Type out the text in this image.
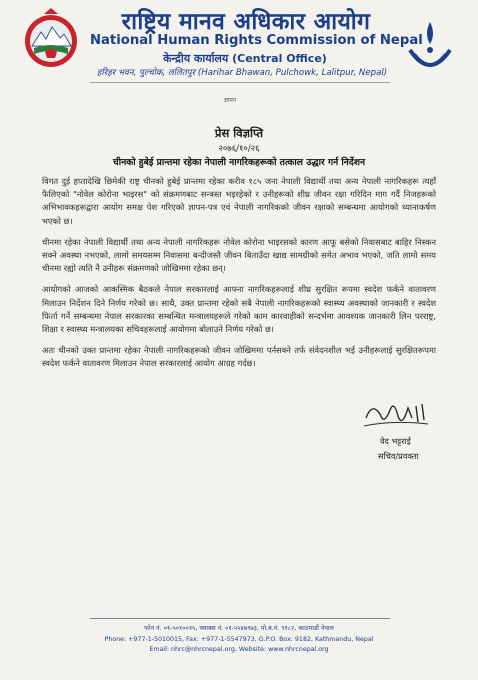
राष्ट्रिय मानव अधिकार आयोग
National Human Rights Commission of Nepal
केन्द्रीय कार्यालय (Central Office)
हरिहर भवन, पुल्चोक, ललितपुर (Harihar Bhawan, Pulchowk, Lalitpur, Nepal)
ज्ञापन
प्रेस विज्ञप्ति
२०७६/१०/२६
चीनको हुबेई प्रान्तमा रहेका नेपाली नागरिकहरूको तत्काल उद्धार गर्न निर्देशन

विगत दुई हप्तादेखि छिमेकी राष्ट्र चीनको हुबेई प्रान्तमा रहेका करीव १८५ जना नेपाली विद्यार्थी तथा अन्य नेपाली नागरिकहरू त्यहाँ फैलिएको "नोवेल कोरोना भाइरस" को संक्रमणबाट सन्त्रस्त भइरहेको र उनीहरूको शीघ्र जीवन रक्षा गरिदिन माग गर्दै निजहरूको अभिभावकहरूद्वारा आयोग समक्ष पेश गरिएको ज्ञापन-पत्र एवं नेपाली नागरिकको जीवन रक्षाको सम्बन्धमा आयोगको ध्यानाकर्षण भएको छ।

चीनमा रहेका नेपाली विद्यार्थी तथा अन्य नेपाली नागरिकहरू नोवेल कोरोना भाइरसको कारण आफू बसेको निवासबाट बाहिर निस्कन सक्ने अवस्था नभएको, लामो समयसम्म निवासमा बन्दीजस्तै जीवन बिताउँदा खाद्य सामग्रीको समेत अभाव भएको, जति लामो समय चीनमा रह्यो त्यति नै उनीहरू संक्रमणको जोखिममा रहेका छन्।

आयोगको आजको आकस्मिक बैठकले नेपाल सरकारलाई आफ्ना नागरिकहरूलाई शीघ्र सुरक्षित रूपमा स्वदेश फर्कने वातावरण मिलाउन निर्देशन दिने निर्णय गरेको छ। साथै, उक्त प्रान्तमा रहेको सबै नेपाली नागरिकहरूको स्वास्थ्य अवस्थाको जानकारी र स्वदेश फिर्ता गर्ने सम्बन्धमा नेपाल सरकारका सम्बन्धित मन्त्रालयहरूले गरेको काम कारवाहीको सन्दर्भमा आवश्यक जानकारी लिन परराष्ट्र, शिक्षा र स्वास्थ्य मन्त्रालयका सचिवहरूलाई आयोगमा बोलाउने निर्णय गरेको छ।

अतः चीनको उक्त प्रान्तमा रहेका नेपाली नागरिकहरूको जीवन जोखिममा पर्नसक्ने तर्फ संवेदनशील भई उनीहरूलाई सुरक्षितरूपमा स्वदेश फर्कने वातावरण मिलाउन नेपाल सरकारलाई आयोग आग्रह गर्दछ।

वेद भट्टराई
सचिव/प्रवक्ता
फोन नं. ०१-५०१००१५, फ्याक्स नं. ०१-५५४७९७३, पो.ब.नं. ९१८२, काठमाडौं नेपाल
Phone: +977-1-5010015, Fax: +977-1-5547973, G.P.O. Box: 9182, Kathmandu, Nepal
Email: nhrc@nhrcnepal.org, Website: www.nhrcnepal.org
